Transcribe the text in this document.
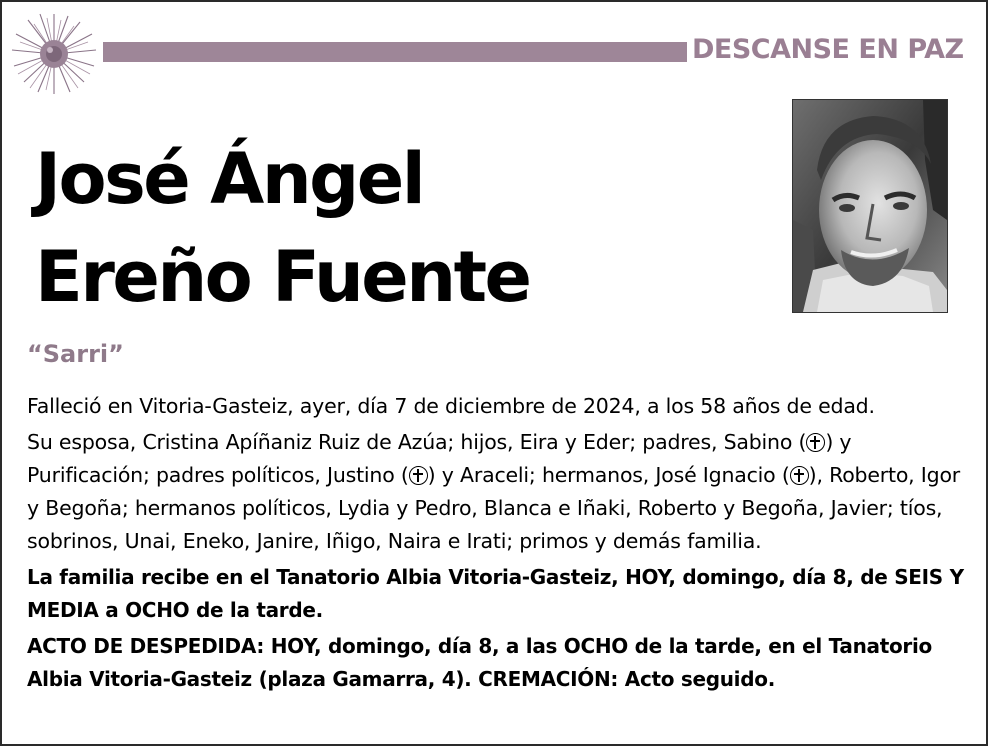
DESCANSE EN PAZ
José Ángel
Ereño Fuente
“Sarri”

Falleció en Vitoria-Gasteiz, ayer, día 7 de diciembre de 2024, a los 58 años de edad.

Su esposa, Cristina Apíñaniz Ruiz de Azúa; hijos, Eira y Eder; padres, Sabino ( ) y Purificación; padres políticos, Justino ( ) y Araceli; hermanos, José Ignacio ( ), Roberto, Igor y Begoña; hermanos políticos, Lydia y Pedro, Blanca e Iñaki, Roberto y Begoña, Javier; tíos, sobrinos, Unai, Eneko, Janire, Iñigo, Naira e Irati; primos y demás familia.

La familia recibe en el Tanatorio Albia Vitoria-Gasteiz, HOY, domingo, día 8, de SEIS Y MEDIA a OCHO de la tarde.

ACTO DE DESPEDIDA: HOY, domingo, día 8, a las OCHO de la tarde, en el Tanatorio Albia Vitoria-Gasteiz (plaza Gamarra, 4). CREMACIÓN: Acto seguido.
